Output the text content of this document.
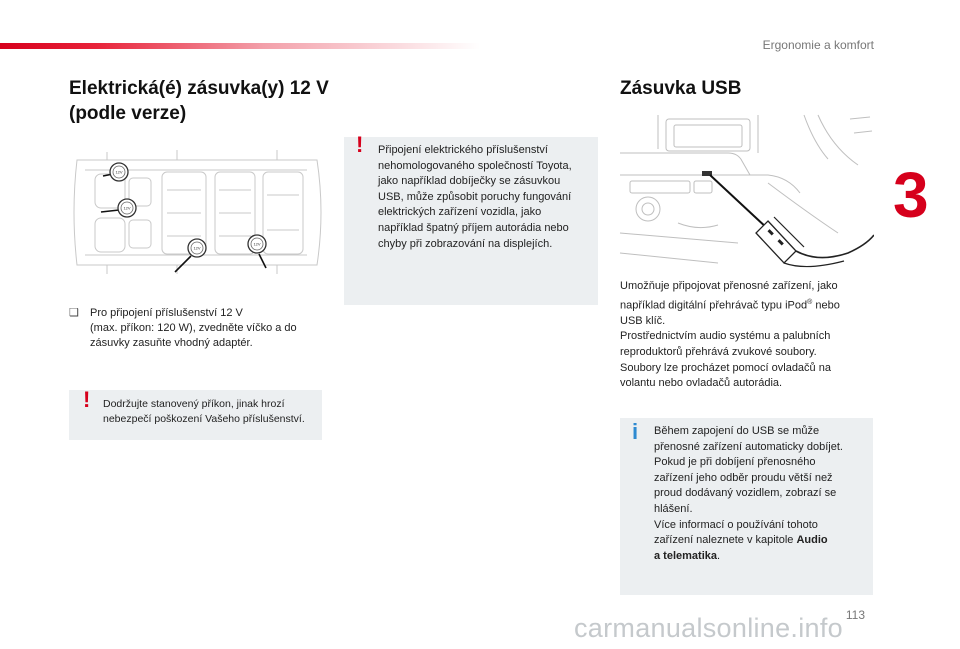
Ergonomie a komfort
3
Elektrická(é) zásuvka(y) 12 V
(podle verze)
12V
12V
12V
12V
❑	Pro připojení příslušenství 12 V
(max. příkon: 120 W), zvedněte víčko a do
zásuvky zasuňte vhodný adaptér.
! Dodržujte stanovený příkon, jinak hrozí
nebezpečí poškození Vašeho příslušenství.
! Připojení elektrického příslušenství
nehomologovaného společností Toyota,
jako například dobíječky se zásuvkou
USB, může způsobit poruchy fungování
elektrických zařízení vozidla, jako
například špatný příjem autorádia nebo
chyby při zobrazování na displejích.
Zásuvka USB

Umožňuje připojovat přenosné zařízení, jako
například digitální přehrávač typu iPod® nebo
USB klíč.

Prostřednictvím audio systému a palubních
reproduktorů přehrává zvukové soubory.
Soubory lze procházet pomocí ovladačů na
volantu nebo ovladačů autorádia.

i Během zapojení do USB se může
přenosné zařízení automaticky dobíjet.
Pokud je při dobíjení přenosného
zařízení jeho odběr proudu větší než
proud dodávaný vozidlem, zobrazí se
hlášení.
Více informací o používání tohoto
zařízení naleznete v kapitole Audio
a telematika.
113
carmanualsonline.info
